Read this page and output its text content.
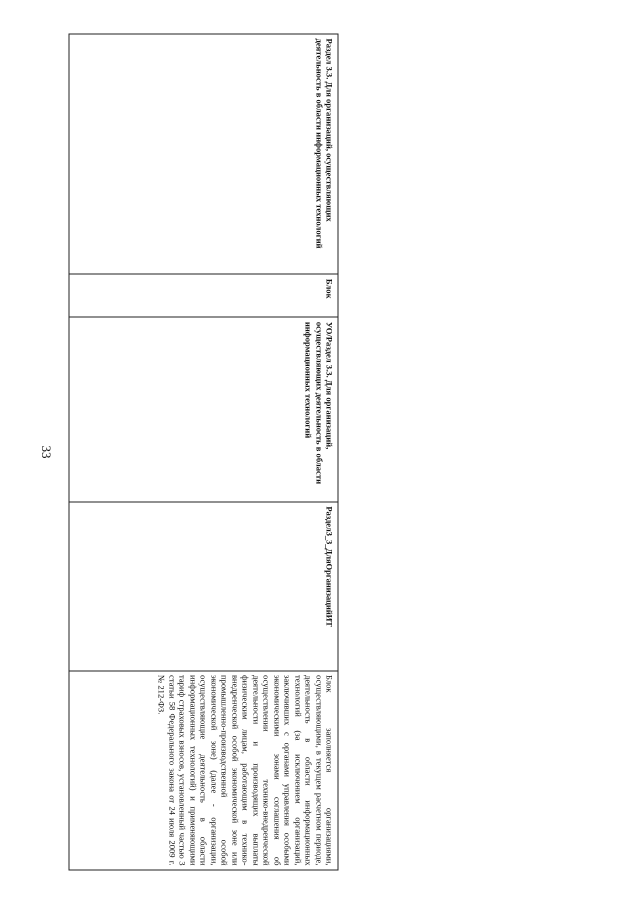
33
Раздел 3.3. Для организаций, осуществляющих деятельность в области информационных технологий
Блок
УО/Раздел 3.3. Для организаций, осуществляющих деятельность в области информационных технологий
Раздел3_3_ДляОрганизацийИТ
Блок заполняется организациями, осуществляющими, в текущем расчетном периоде, деятельность в области информационных технологий (за исключением организаций, заключивших с органами управления особыми экономическими зонами соглашения об осуществлении технико-внедренческой деятельности и производящих выплаты физическим лицам, работающим в технико-внедренческой особой экономической зоне или промышленно-производственной особой экономической зоне) (далее - организации, осуществляющие деятельность в области информационных технологий) и применяющими тариф страховых взносов, установленный частью 3 статьи 58 Федерального закона от 24 июля 2009 г. № 212-ФЗ.
